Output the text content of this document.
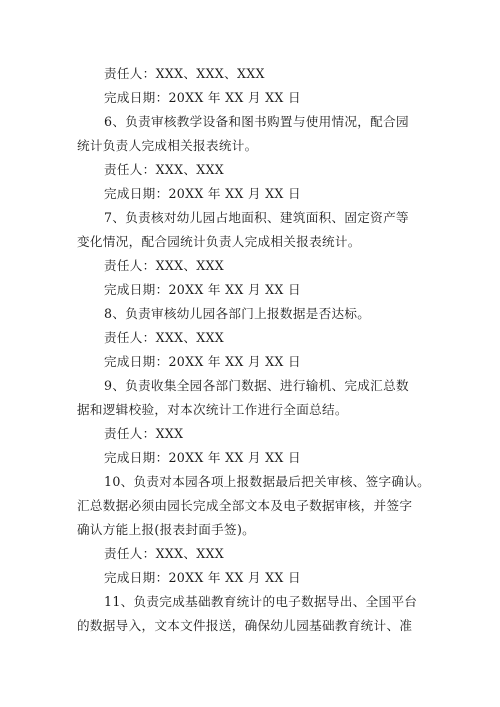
责任人：XXX、XXX、XXX
完成日期：20XX 年 XX 月 XX 日
6、负责审核教学设备和图书购置与使用情况，配合园
统计负责人完成相关报表统计。
责任人：XXX、XXX
完成日期：20XX 年 XX 月 XX 日
7、负责核对幼儿园占地面积、建筑面积、固定资产等
变化情况，配合园统计负责人完成相关报表统计。
责任人：XXX、XXX
完成日期：20XX 年 XX 月 XX 日
8、负责审核幼儿园各部门上报数据是否达标。
责任人：XXX、XXX
完成日期：20XX 年 XX 月 XX 日
9、负责收集全园各部门数据、进行输机、完成汇总数
据和逻辑校验，对本次统计工作进行全面总结。
责任人：XXX
完成日期：20XX 年 XX 月 XX 日
10、负责对本园各项上报数据最后把关审核、签字确认。
汇总数据必须由园长完成全部文本及电子数据审核，并签字
确认方能上报(报表封面手签)。
责任人：XXX、XXX
完成日期：20XX 年 XX 月 XX 日
11、负责完成基础教育统计的电子数据导出、全国平台
的数据导入，文本文件报送，确保幼儿园基础教育统计、准
